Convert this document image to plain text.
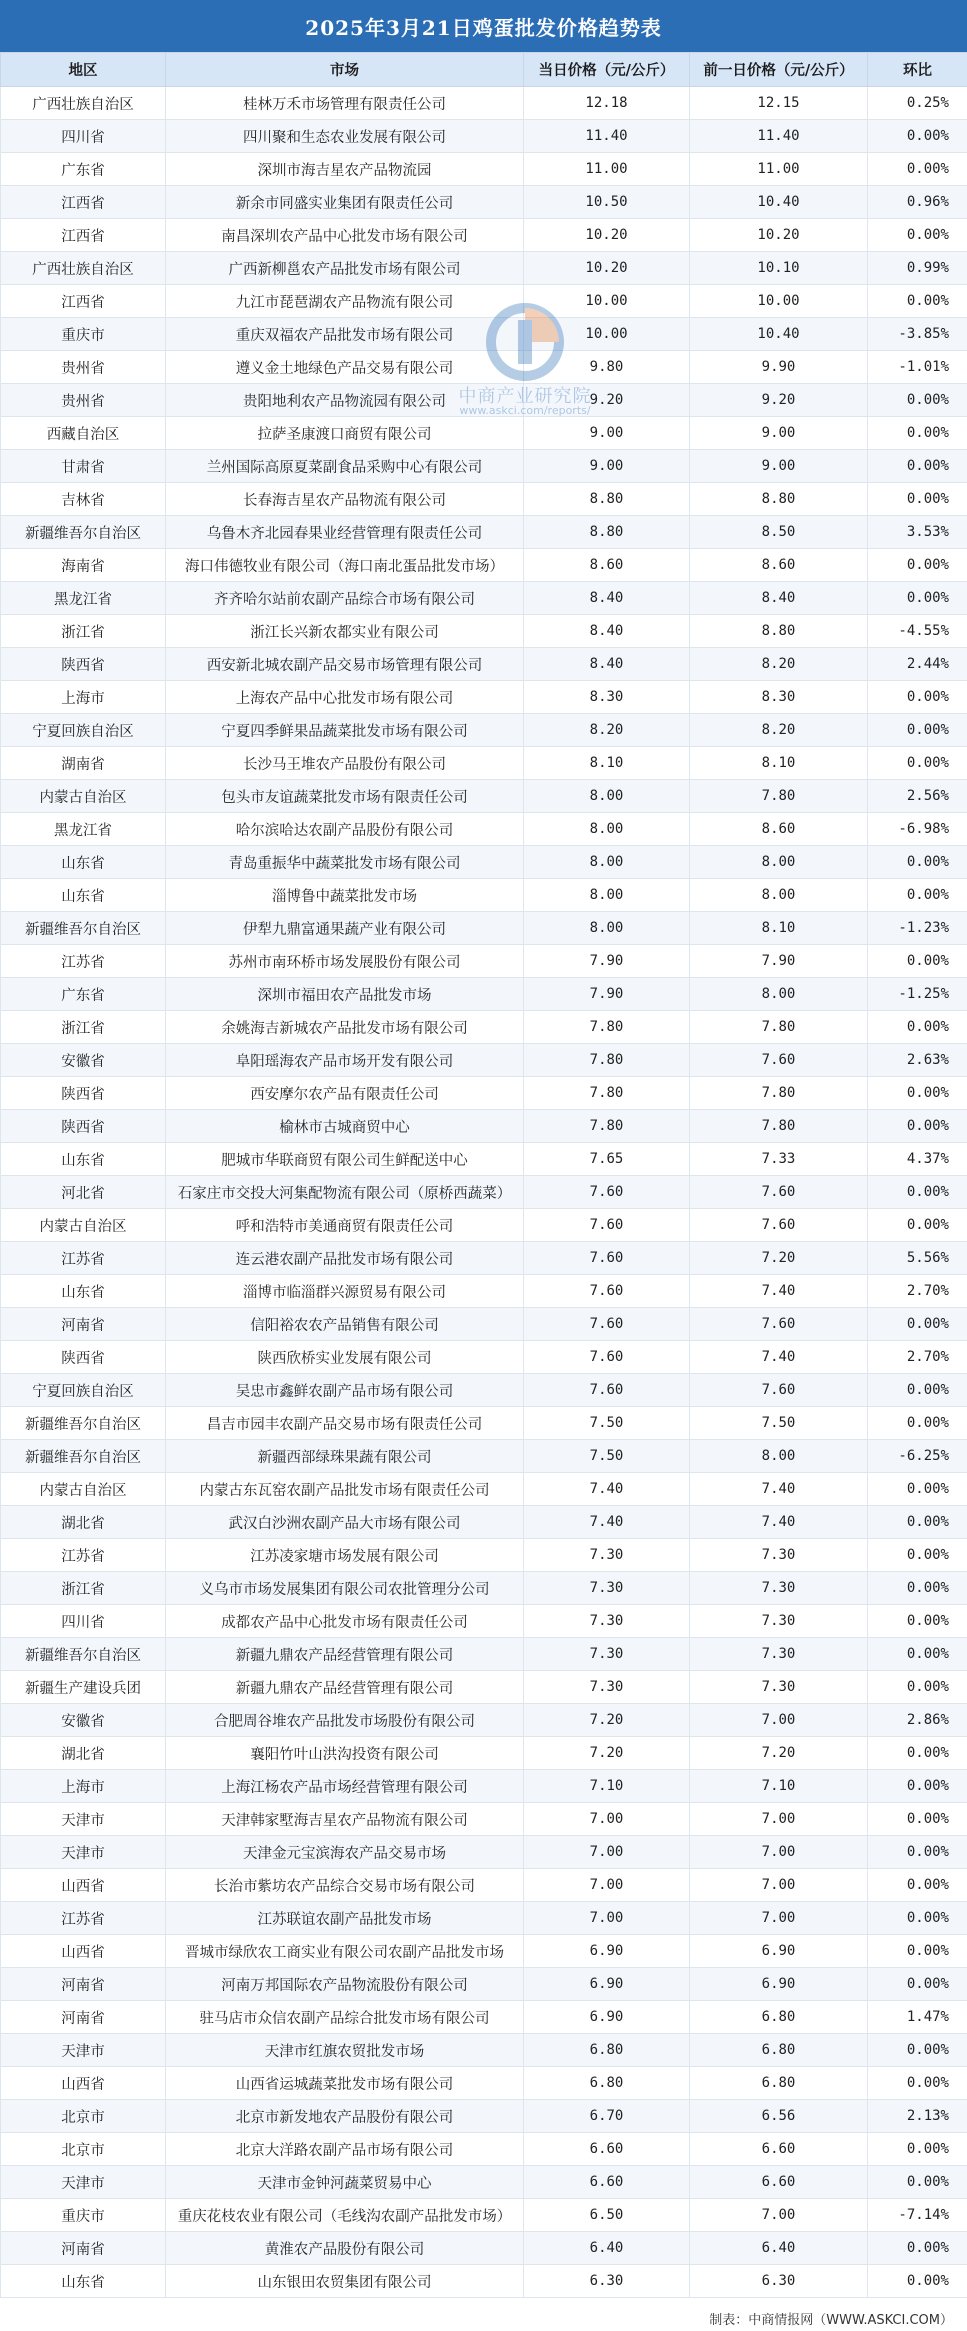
2025年3月21日鸡蛋批发价格趋势表
地区	市场	当日价格（元/公斤）	前一日价格（元/公斤）	环比
广西壮族自治区	桂林万禾市场管理有限责任公司	12.18	12.15	0.25%
四川省	四川聚和生态农业发展有限公司	11.40	11.40	0.00%
广东省	深圳市海吉星农产品物流园	11.00	11.00	0.00%
江西省	新余市同盛实业集团有限责任公司	10.50	10.40	0.96%
江西省	南昌深圳农产品中心批发市场有限公司	10.20	10.20	0.00%
广西壮族自治区	广西新柳邕农产品批发市场有限公司	10.20	10.10	0.99%
江西省	九江市琵琶湖农产品物流有限公司	10.00	10.00	0.00%
重庆市	重庆双福农产品批发市场有限公司	10.00	10.40	-3.85%
贵州省	遵义金土地绿色产品交易有限公司	9.80	9.90	-1.01%
贵州省	贵阳地利农产品物流园有限公司	9.20	9.20	0.00%
西藏自治区	拉萨圣康渡口商贸有限公司	9.00	9.00	0.00%
甘肃省	兰州国际高原夏菜副食品采购中心有限公司	9.00	9.00	0.00%
吉林省	长春海吉星农产品物流有限公司	8.80	8.80	0.00%
新疆维吾尔自治区	乌鲁木齐北园春果业经营管理有限责任公司	8.80	8.50	3.53%
海南省	海口伟德牧业有限公司（海口南北蛋品批发市场）	8.60	8.60	0.00%
黑龙江省	齐齐哈尔站前农副产品综合市场有限公司	8.40	8.40	0.00%
浙江省	浙江长兴新农都实业有限公司	8.40	8.80	-4.55%
陕西省	西安新北城农副产品交易市场管理有限公司	8.40	8.20	2.44%
上海市	上海农产品中心批发市场有限公司	8.30	8.30	0.00%
宁夏回族自治区	宁夏四季鲜果品蔬菜批发市场有限公司	8.20	8.20	0.00%
湖南省	长沙马王堆农产品股份有限公司	8.10	8.10	0.00%
内蒙古自治区	包头市友谊蔬菜批发市场有限责任公司	8.00	7.80	2.56%
黑龙江省	哈尔滨哈达农副产品股份有限公司	8.00	8.60	-6.98%
山东省	青岛重振华中蔬菜批发市场有限公司	8.00	8.00	0.00%
山东省	淄博鲁中蔬菜批发市场	8.00	8.00	0.00%
新疆维吾尔自治区	伊犁九鼎富通果蔬产业有限公司	8.00	8.10	-1.23%
江苏省	苏州市南环桥市场发展股份有限公司	7.90	7.90	0.00%
广东省	深圳市福田农产品批发市场	7.90	8.00	-1.25%
浙江省	余姚海吉新城农产品批发市场有限公司	7.80	7.80	0.00%
安徽省	阜阳瑶海农产品市场开发有限公司	7.80	7.60	2.63%
陕西省	西安摩尔农产品有限责任公司	7.80	7.80	0.00%
陕西省	榆林市古城商贸中心	7.80	7.80	0.00%
山东省	肥城市华联商贸有限公司生鲜配送中心	7.65	7.33	4.37%
河北省	石家庄市交投大河集配物流有限公司（原桥西蔬菜）	7.60	7.60	0.00%
内蒙古自治区	呼和浩特市美通商贸有限责任公司	7.60	7.60	0.00%
江苏省	连云港农副产品批发市场有限公司	7.60	7.20	5.56%
山东省	淄博市临淄群兴源贸易有限公司	7.60	7.40	2.70%
河南省	信阳裕农农产品销售有限公司	7.60	7.60	0.00%
陕西省	陕西欣桥实业发展有限公司	7.60	7.40	2.70%
宁夏回族自治区	吴忠市鑫鲜农副产品市场有限公司	7.60	7.60	0.00%
新疆维吾尔自治区	昌吉市园丰农副产品交易市场有限责任公司	7.50	7.50	0.00%
新疆维吾尔自治区	新疆西部绿珠果蔬有限公司	7.50	8.00	-6.25%
内蒙古自治区	内蒙古东瓦窑农副产品批发市场有限责任公司	7.40	7.40	0.00%
湖北省	武汉白沙洲农副产品大市场有限公司	7.40	7.40	0.00%
江苏省	江苏凌家塘市场发展有限公司	7.30	7.30	0.00%
浙江省	义乌市市场发展集团有限公司农批管理分公司	7.30	7.30	0.00%
四川省	成都农产品中心批发市场有限责任公司	7.30	7.30	0.00%
新疆维吾尔自治区	新疆九鼎农产品经营管理有限公司	7.30	7.30	0.00%
新疆生产建设兵团	新疆九鼎农产品经营管理有限公司	7.30	7.30	0.00%
安徽省	合肥周谷堆农产品批发市场股份有限公司	7.20	7.00	2.86%
湖北省	襄阳竹叶山洪沟投资有限公司	7.20	7.20	0.00%
上海市	上海江杨农产品市场经营管理有限公司	7.10	7.10	0.00%
天津市	天津韩家墅海吉星农产品物流有限公司	7.00	7.00	0.00%
天津市	天津金元宝滨海农产品交易市场	7.00	7.00	0.00%
山西省	长治市紫坊农产品综合交易市场有限公司	7.00	7.00	0.00%
江苏省	江苏联谊农副产品批发市场	7.00	7.00	0.00%
山西省	晋城市绿欣农工商实业有限公司农副产品批发市场	6.90	6.90	0.00%
河南省	河南万邦国际农产品物流股份有限公司	6.90	6.90	0.00%
河南省	驻马店市众信农副产品综合批发市场有限公司	6.90	6.80	1.47%
天津市	天津市红旗农贸批发市场	6.80	6.80	0.00%
山西省	山西省运城蔬菜批发市场有限公司	6.80	6.80	0.00%
北京市	北京市新发地农产品股份有限公司	6.70	6.56	2.13%
北京市	北京大洋路农副产品市场有限公司	6.60	6.60	0.00%
天津市	天津市金钟河蔬菜贸易中心	6.60	6.60	0.00%
重庆市	重庆花枝农业有限公司（毛线沟农副产品批发市场）	6.50	7.00	-7.14%
河南省	黄淮农产品股份有限公司	6.40	6.40	0.00%
山东省	山东银田农贸集团有限公司	6.30	6.30	0.00%
中商产业研究院
www.askci.com/reports/
制表：中商情报网（WWW.ASKCI.COM）
